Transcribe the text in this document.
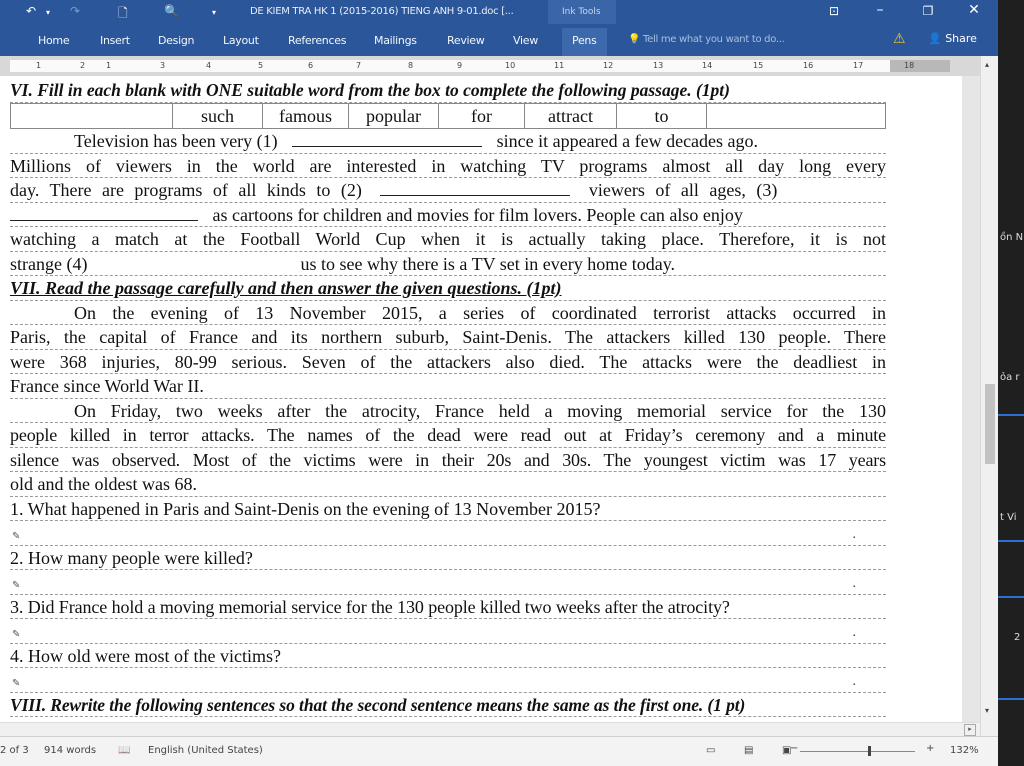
↶ ▾ ↷	🗋	🔍	▾	DE KIEM TRA HK 1 (2015-2016) TIENG ANH 9-01.doc [...	Ink Tools	⊡	–	❐	✕
Home	Insert	Design	Layout	References	Mailings	Review	View	Pens	💡 Tell me what you want to do...	⚠ 👤 Share
1	2	1	3	4	5	6	7	8	9	10	11	12	13	14	15	16	17	18
VI. Fill in each blank with ONE suitable word from the box to complete the following passage. (1pt)
	such	famous	popular	for	attract	to	
Television has been very (1)	since it appeared a few decades ago.
Millions of viewers in the world are interested in watching TV programs almost all day long every
day. There are programs of all kinds to (2)	viewers of all ages, (3)
as cartoons for children and movies for film lovers. People can also enjoy
watching a match at the Football World Cup when it is actually taking place. Therefore, it is not
strange (4)	us to see why there is a TV set in every home today.
VII. Read the passage carefully and then answer the given questions. (1pt)
On the evening of 13 November 2015, a series of coordinated terrorist attacks occurred in
Paris, the capital of France and its northern suburb, Saint-Denis. The attackers killed 130 people. There
were 368 injuries, 80-99 serious. Seven of the attackers also died. The attacks were the deadliest in
France since World War II.
On Friday, two weeks after the atrocity, France held a moving memorial service for the 130
people killed in terror attacks. The names of the dead were read out at Friday’s ceremony and a minute
silence was observed. Most of the victims were in their 20s and 30s. The youngest victim was 17 years
old and the oldest was 68.
1. What happened in Paris and Saint-Denis on the evening of 13 November 2015?
✎	.
2. How many people were killed?
✎	.
3. Did France hold a moving memorial service for the 130 people killed two weeks after the atrocity?
✎	.
4. How old were most of the victims?
✎	.
VIII. Rewrite the following sentences so that the second sentence means the same as the first one. (1 pt)
▸
▴
▾
ồn N
ỏa r
t Vi
2
2 of 3 914 words 📖 English (United States)	▭	▤	▣
−	+ 132%
